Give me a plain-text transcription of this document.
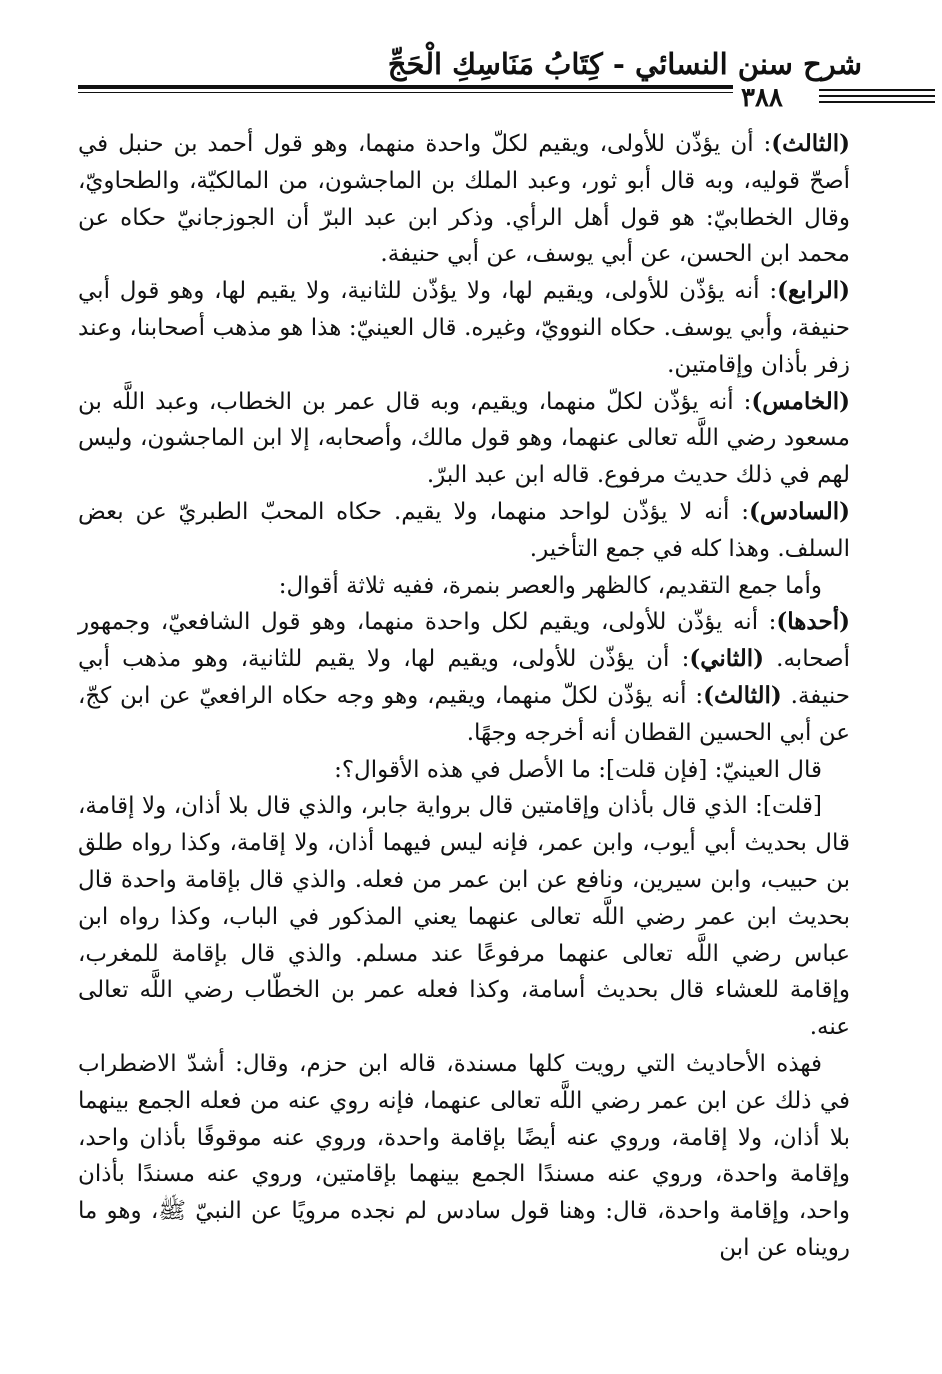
شرح سنن النسائي - كِتَابُ مَنَاسِكِ الْحَجِّ
٣٨٨

(الثالث): أن يؤذّن للأولى، ويقيم لكلّ واحدة منهما، وهو قول أحمد بن حنبل في أصحّ قوليه، وبه قال أبو ثور، وعبد الملك بن الماجشون، من المالكيّة، والطحاويّ، وقال الخطابيّ: هو قول أهل الرأي. وذكر ابن عبد البرّ أن الجوزجانيّ حكاه عن محمد ابن الحسن، عن أبي يوسف، عن أبي حنيفة.

(الرابع): أنه يؤذّن للأولى، ويقيم لها، ولا يؤذّن للثانية، ولا يقيم لها، وهو قول أبي حنيفة، وأبي يوسف. حكاه النوويّ، وغيره. قال العينيّ: هذا هو مذهب أصحابنا، وعند زفر بأذان وإقامتين.

(الخامس): أنه يؤذّن لكلّ منهما، ويقيم، وبه قال عمر بن الخطاب، وعبد اللَّه بن مسعود رضي اللَّه تعالى عنهما، وهو قول مالك، وأصحابه، إلا ابن الماجشون، وليس لهم في ذلك حديث مرفوع. قاله ابن عبد البرّ.

(السادس): أنه لا يؤذّن لواحد منهما، ولا يقيم. حكاه المحبّ الطبريّ عن بعض السلف. وهذا كله في جمع التأخير.

وأما جمع التقديم، كالظهر والعصر بنمرة، ففيه ثلاثة أقوال:

(أحدها): أنه يؤذّن للأولى، ويقيم لكل واحدة منهما، وهو قول الشافعيّ، وجمهور أصحابه. (الثاني): أن يؤذّن للأولى، ويقيم لها، ولا يقيم للثانية، وهو مذهب أبي حنيفة. (الثالث): أنه يؤذّن لكلّ منهما، ويقيم، وهو وجه حكاه الرافعيّ عن ابن كجّ، عن أبي الحسين القطان أنه أخرجه وجهًا.

قال العينيّ: [فإن قلت]: ما الأصل في هذه الأقوال؟:

[قلت]: الذي قال بأذان وإقامتين قال برواية جابر، والذي قال بلا أذان، ولا إقامة، قال بحديث أبي أيوب، وابن عمر، فإنه ليس فيهما أذان، ولا إقامة، وكذا رواه طلق بن حبيب، وابن سيرين، ونافع عن ابن عمر من فعله. والذي قال بإقامة واحدة قال بحديث ابن عمر رضي اللَّه تعالى عنهما يعني المذكور في الباب، وكذا رواه ابن عباس رضي اللَّه تعالى عنهما مرفوعًا عند مسلم. والذي قال بإقامة للمغرب، وإقامة للعشاء قال بحديث أسامة، وكذا فعله عمر بن الخطّاب رضي اللَّه تعالى عنه.

فهذه الأحاديث التي رويت كلها مسندة، قاله ابن حزم، وقال: أشدّ الاضطراب في ذلك عن ابن عمر رضي اللَّه تعالى عنهما، فإنه روي عنه من فعله الجمع بينهما بلا أذان، ولا إقامة، وروي عنه أيضًا بإقامة واحدة، وروي عنه موقوفًا بأذان واحد، وإقامة واحدة، وروي عنه مسندًا الجمع بينهما بإقامتين، وروي عنه مسندًا بأذان واحد، وإقامة واحدة، قال: وهنا قول سادس لم نجده مرويًا عن النبيّ ﷺ، وهو ما رويناه عن ابن
